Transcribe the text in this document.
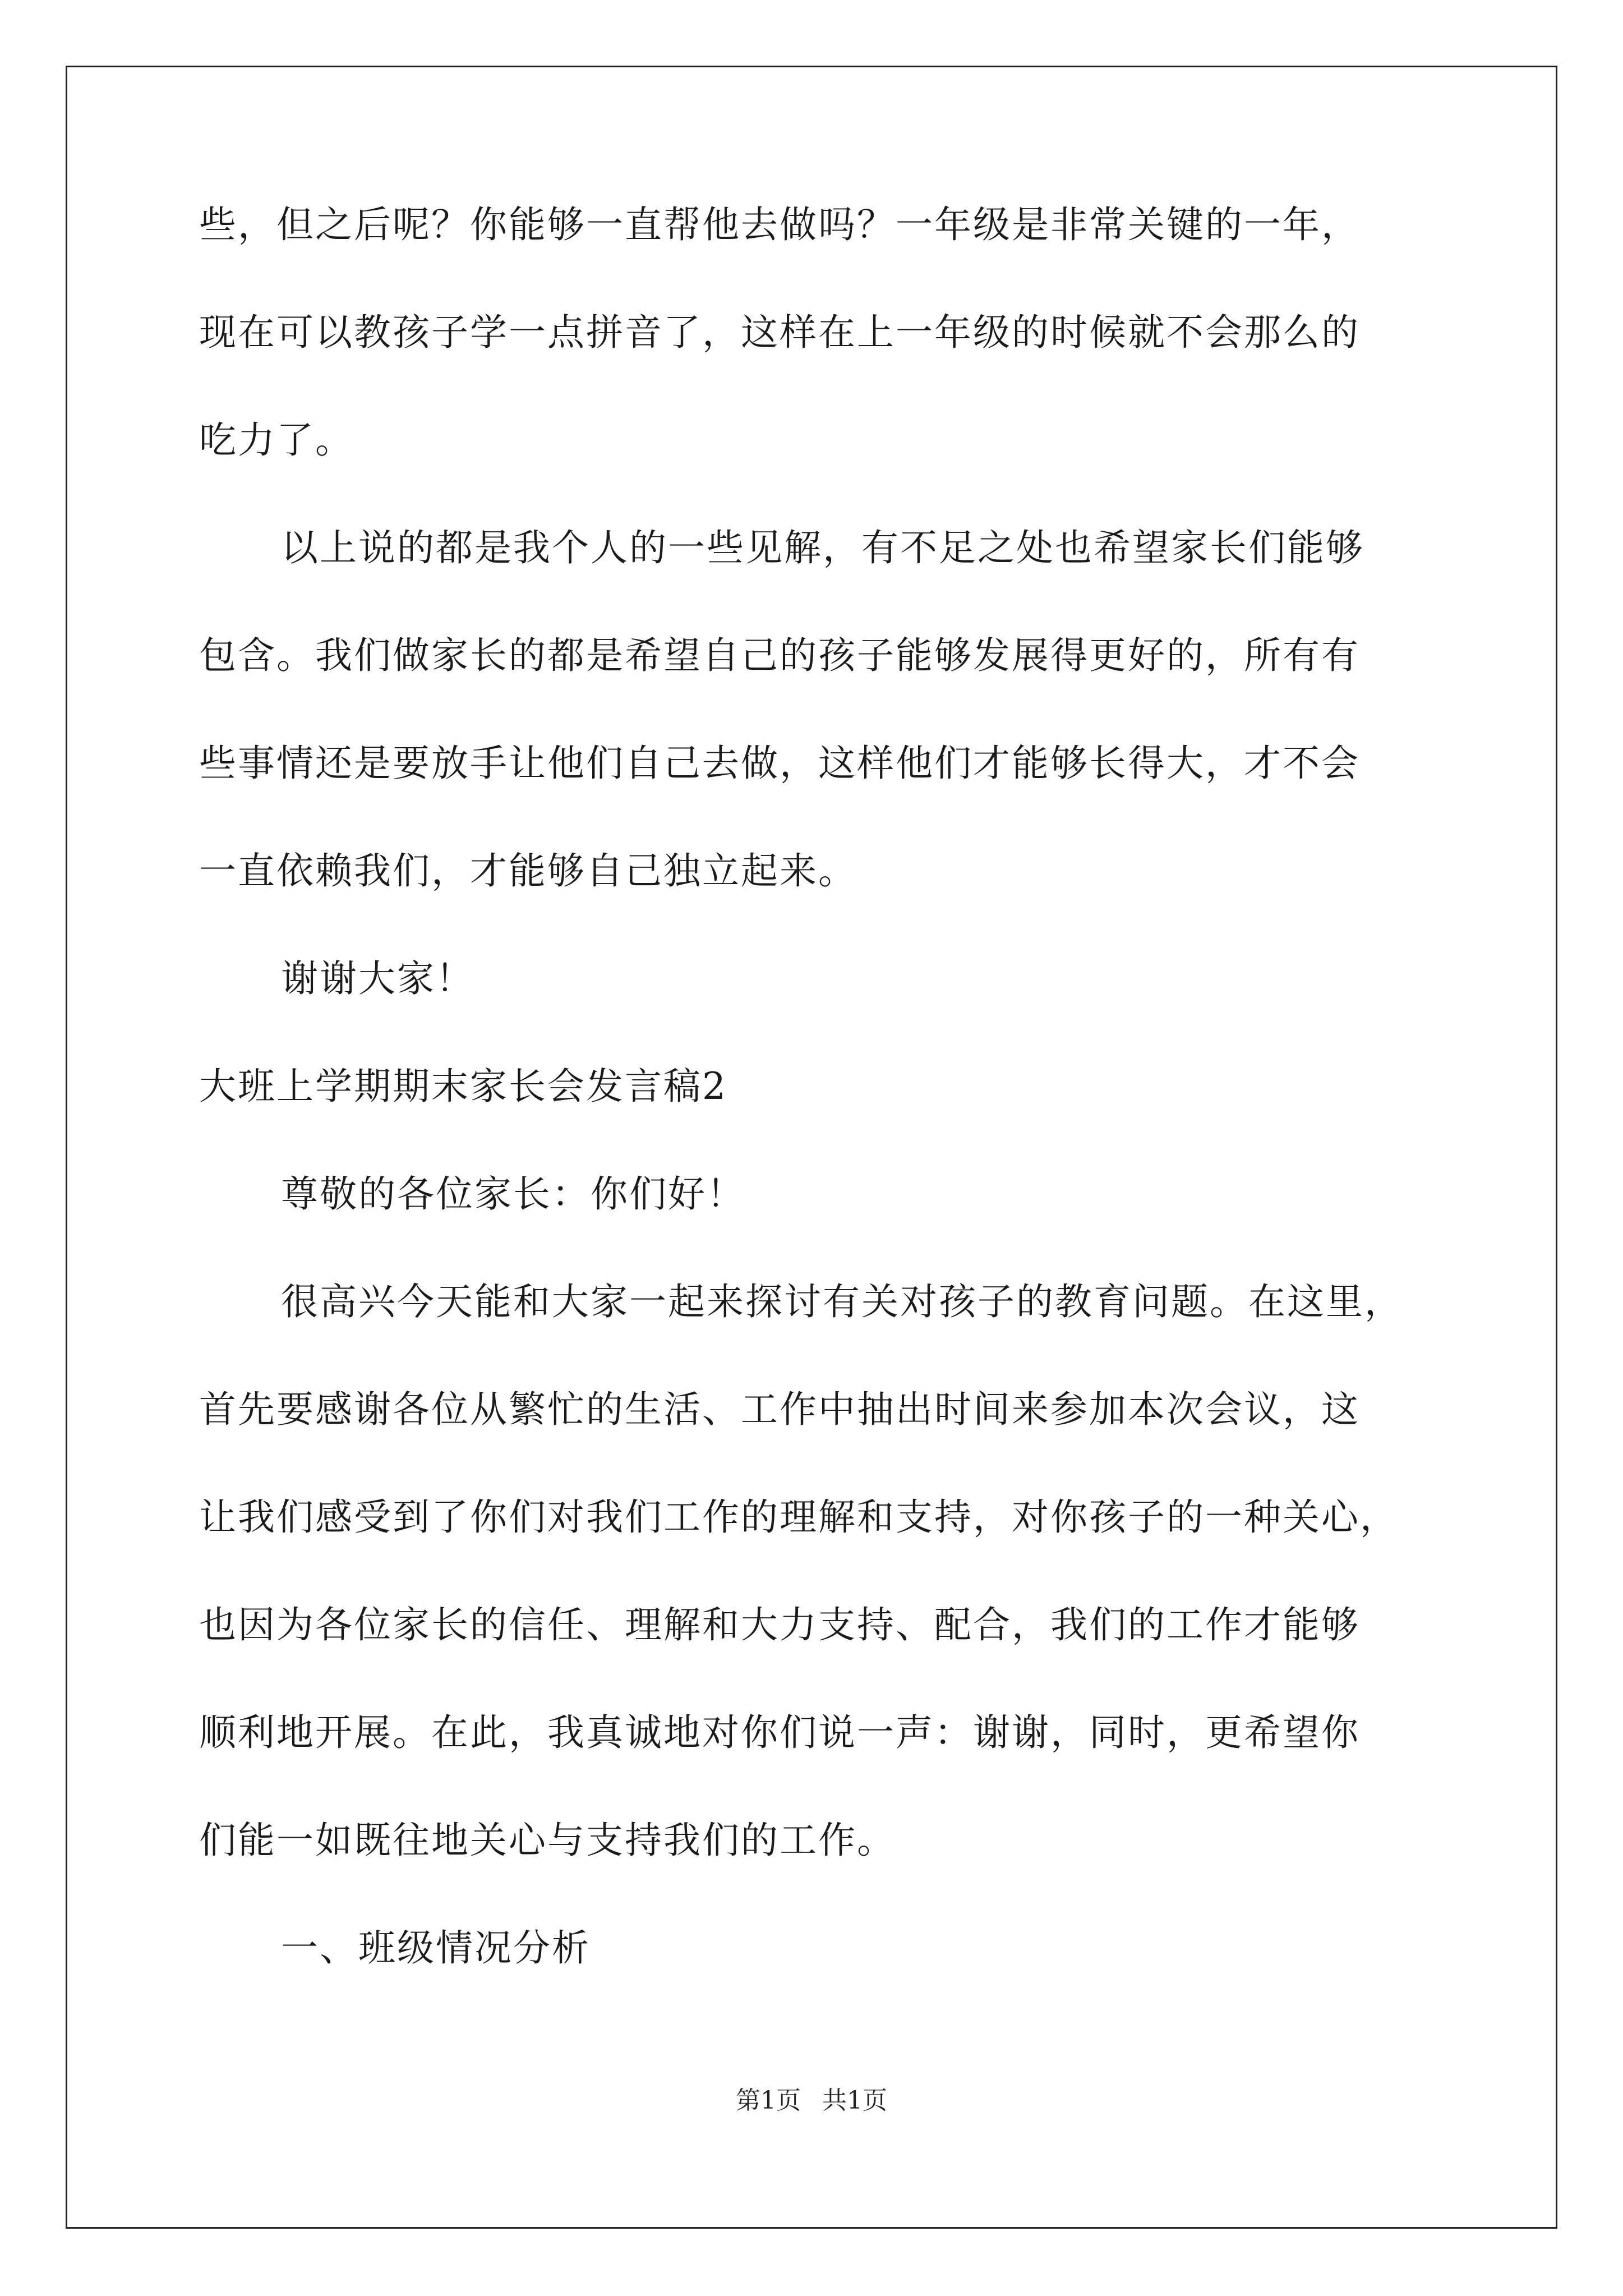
些，但之后呢？你能够一直帮他去做吗？一年级是非常关键的一年，
现在可以教孩子学一点拼音了，这样在上一年级的时候就不会那么的
吃力了。
以上说的都是我个人的一些见解，有不足之处也希望家长们能够
包含。我们做家长的都是希望自己的孩子能够发展得更好的，所有有
些事情还是要放手让他们自己去做，这样他们才能够长得大，才不会
一直依赖我们，才能够自己独立起来。
谢谢大家！
大班上学期期末家长会发言稿2
尊敬的各位家长：你们好！
很高兴今天能和大家一起来探讨有关对孩子的教育问题。在这里，
首先要感谢各位从繁忙的生活、工作中抽出时间来参加本次会议，这
让我们感受到了你们对我们工作的理解和支持，对你孩子的一种关心，
也因为各位家长的信任、理解和大力支持、配合，我们的工作才能够
顺利地开展。在此，我真诚地对你们说一声：谢谢，同时，更希望你
们能一如既往地关心与支持我们的工作。
一、班级情况分析
第1页 共1页
